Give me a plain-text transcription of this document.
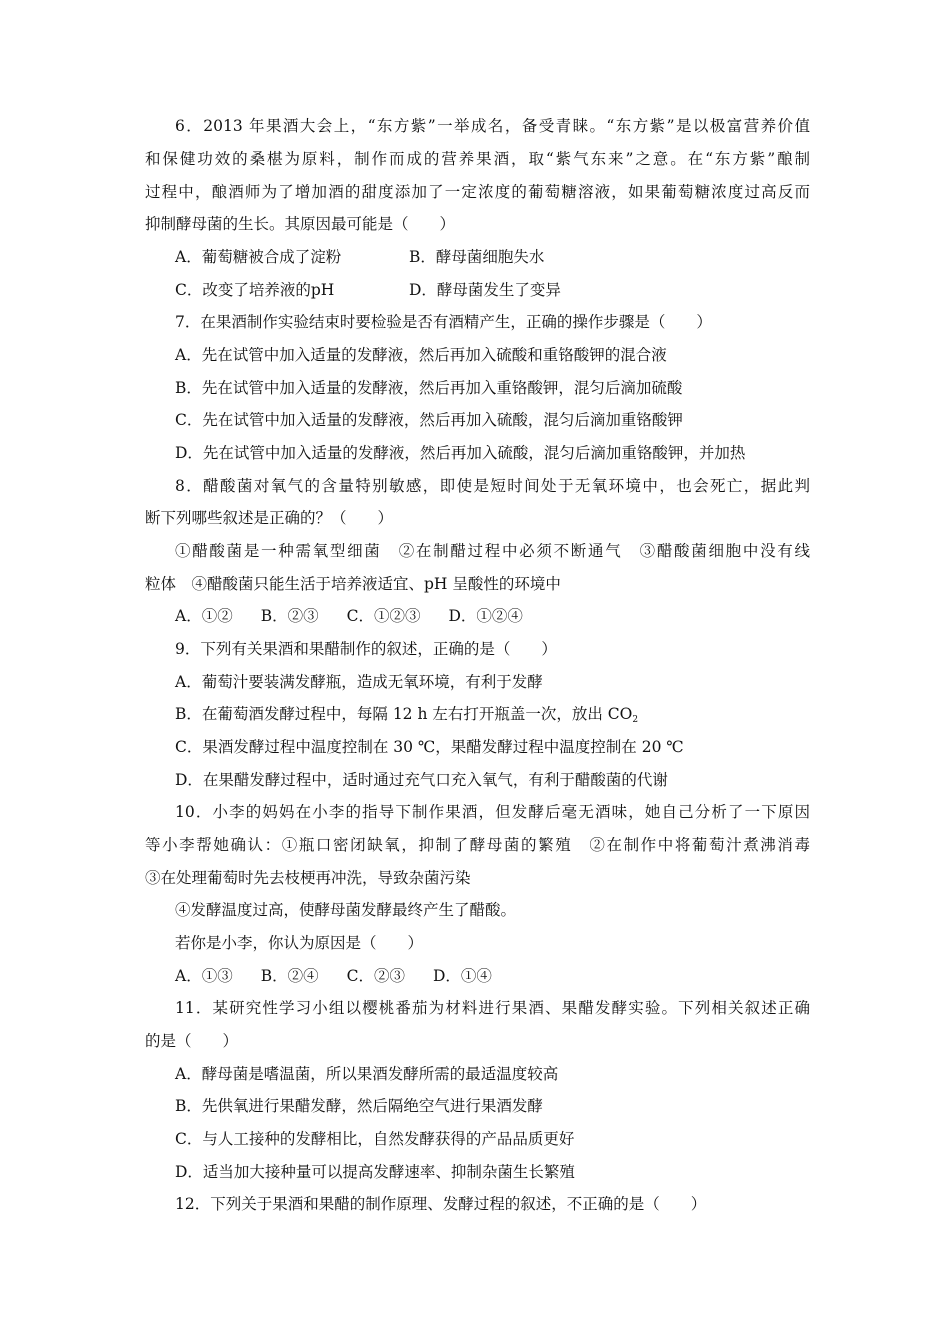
6．2013 年果酒大会上，“东方紫”一举成名，备受青睐。“东方紫”是以极富营养价值
和保健功效的桑椹为原料，制作而成的营养果酒，取“紫气东来”之意。在“东方紫”酿制
过程中，酿酒师为了增加酒的甜度添加了一定浓度的葡萄糖溶液，如果葡萄糖浓度过高反而
抑制酵母菌的生长。其原因最可能是（　　）
A．葡萄糖被合成了淀粉	B．酵母菌细胞失水
C．改变了培养液的pH	D．酵母菌发生了变异
7．在果酒制作实验结束时要检验是否有酒精产生，正确的操作步骤是（　　）
A．先在试管中加入适量的发酵液，然后再加入硫酸和重铬酸钾的混合液
B．先在试管中加入适量的发酵液，然后再加入重铬酸钾，混匀后滴加硫酸
C．先在试管中加入适量的发酵液，然后再加入硫酸，混匀后滴加重铬酸钾
D．先在试管中加入适量的发酵液，然后再加入硫酸，混匀后滴加重铬酸钾，并加热
8．醋酸菌对氧气的含量特别敏感，即使是短时间处于无氧环境中，也会死亡，据此判
断下列哪些叙述是正确的？（　　）
①醋酸菌是一种需氧型细菌　②在制醋过程中必须不断通气　③醋酸菌细胞中没有线
粒体　④醋酸菌只能生活于培养液适宜、pH 呈酸性的环境中
A．①② B．②③ C．①②③ D．①②④
9．下列有关果酒和果醋制作的叙述，正确的是（　　）
A．葡萄汁要装满发酵瓶，造成无氧环境，有利于发酵
B．在葡萄酒发酵过程中，每隔 12 h 左右打开瓶盖一次，放出 $CO_2$
C．果酒发酵过程中温度控制在 30 ℃，果醋发酵过程中温度控制在 20 ℃
D．在果醋发酵过程中，适时通过充气口充入氧气，有利于醋酸菌的代谢
10．小李的妈妈在小李的指导下制作果酒，但发酵后毫无酒味，她自己分析了一下原因
等小李帮她确认：①瓶口密闭缺氧，抑制了酵母菌的繁殖　②在制作中将葡萄汁煮沸消毒
③在处理葡萄时先去枝梗再冲洗，导致杂菌污染
④发酵温度过高，使酵母菌发酵最终产生了醋酸。
若你是小李，你认为原因是（　　）
A．①③ B．②④ C．②③ D．①④
11．某研究性学习小组以樱桃番茄为材料进行果酒、果醋发酵实验。下列相关叙述正确
的是（　　）
A．酵母菌是嗜温菌，所以果酒发酵所需的最适温度较高
B．先供氧进行果醋发酵，然后隔绝空气进行果酒发酵
C．与人工接种的发酵相比，自然发酵获得的产品品质更好
D．适当加大接种量可以提高发酵速率、抑制杂菌生长繁殖
12．下列关于果酒和果醋的制作原理、发酵过程的叙述，不正确的是（　　）
